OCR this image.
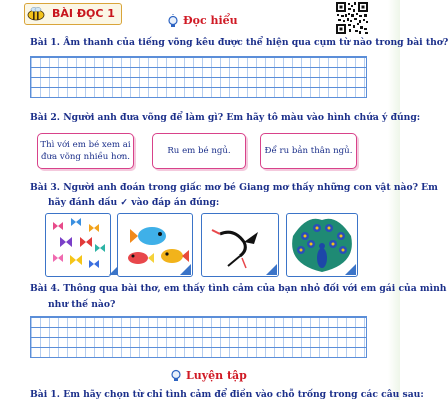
BÀI ĐỌC 1
Đọc hiểu
Bài 1. Âm thanh của tiếng võng kêu được thể hiện qua cụm từ nào trong bài thơ?
Bài 2. Người anh đưa võng để làm gì? Em hãy tô màu vào hình chứa ý đúng:
Thì với em bé xem ai
đưa võng nhiều hơn.
Ru em bé ngủ.	Để ru bản thân ngủ.
Bài 3. Người anh đoán trong giấc mơ bé Giang mơ thấy những con vật nào? Em
hãy đánh dấu ✓ vào đáp án đúng:
Bài 4. Thông qua bài thơ, em thấy tình cảm của bạn nhỏ đối với em gái của mình
như thế nào?
Luyện tập
Bài 1. Em hãy chọn từ chỉ tình cảm để điền vào chỗ trống trong các câu sau:
